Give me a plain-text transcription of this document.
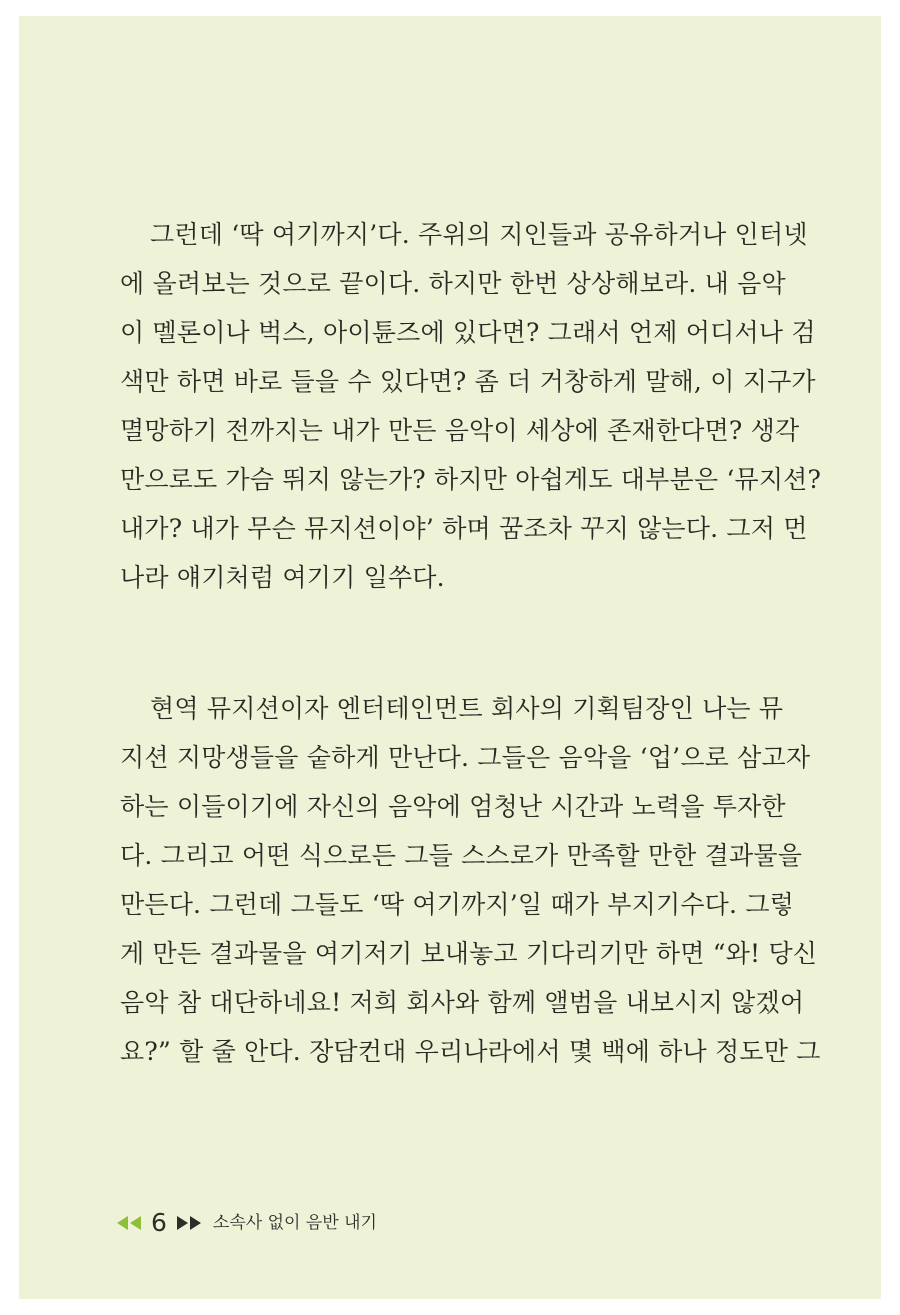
그런데 ‘딱 여기까지’다. 주위의 지인들과 공유하거나 인터넷
에 올려보는 것으로 끝이다. 하지만 한번 상상해보라. 내 음악
이 멜론이나 벅스, 아이튠즈에 있다면? 그래서 언제 어디서나 검
색만 하면 바로 들을 수 있다면? 좀 더 거창하게 말해, 이 지구가
멸망하기 전까지는 내가 만든 음악이 세상에 존재한다면? 생각
만으로도 가슴 뛰지 않는가? 하지만 아쉽게도 대부분은 ‘뮤지션?
내가? 내가 무슨 뮤지션이야’ 하며 꿈조차 꾸지 않는다. 그저 먼
나라 얘기처럼 여기기 일쑤다.
현역 뮤지션이자 엔터테인먼트 회사의 기획팀장인 나는 뮤
지션 지망생들을 숱하게 만난다. 그들은 음악을 ‘업’으로 삼고자
하는 이들이기에 자신의 음악에 엄청난 시간과 노력을 투자한
다. 그리고 어떤 식으로든 그들 스스로가 만족할 만한 결과물을
만든다. 그런데 그들도 ‘딱 여기까지’일 때가 부지기수다. 그렇
게 만든 결과물을 여기저기 보내놓고 기다리기만 하면 “와! 당신
음악 참 대단하네요! 저희 회사와 함께 앨범을 내보시지 않겠어
요?” 할 줄 안다. 장담컨대 우리나라에서 몇 백에 하나 정도만 그
6	소속사 없이 음반 내기
